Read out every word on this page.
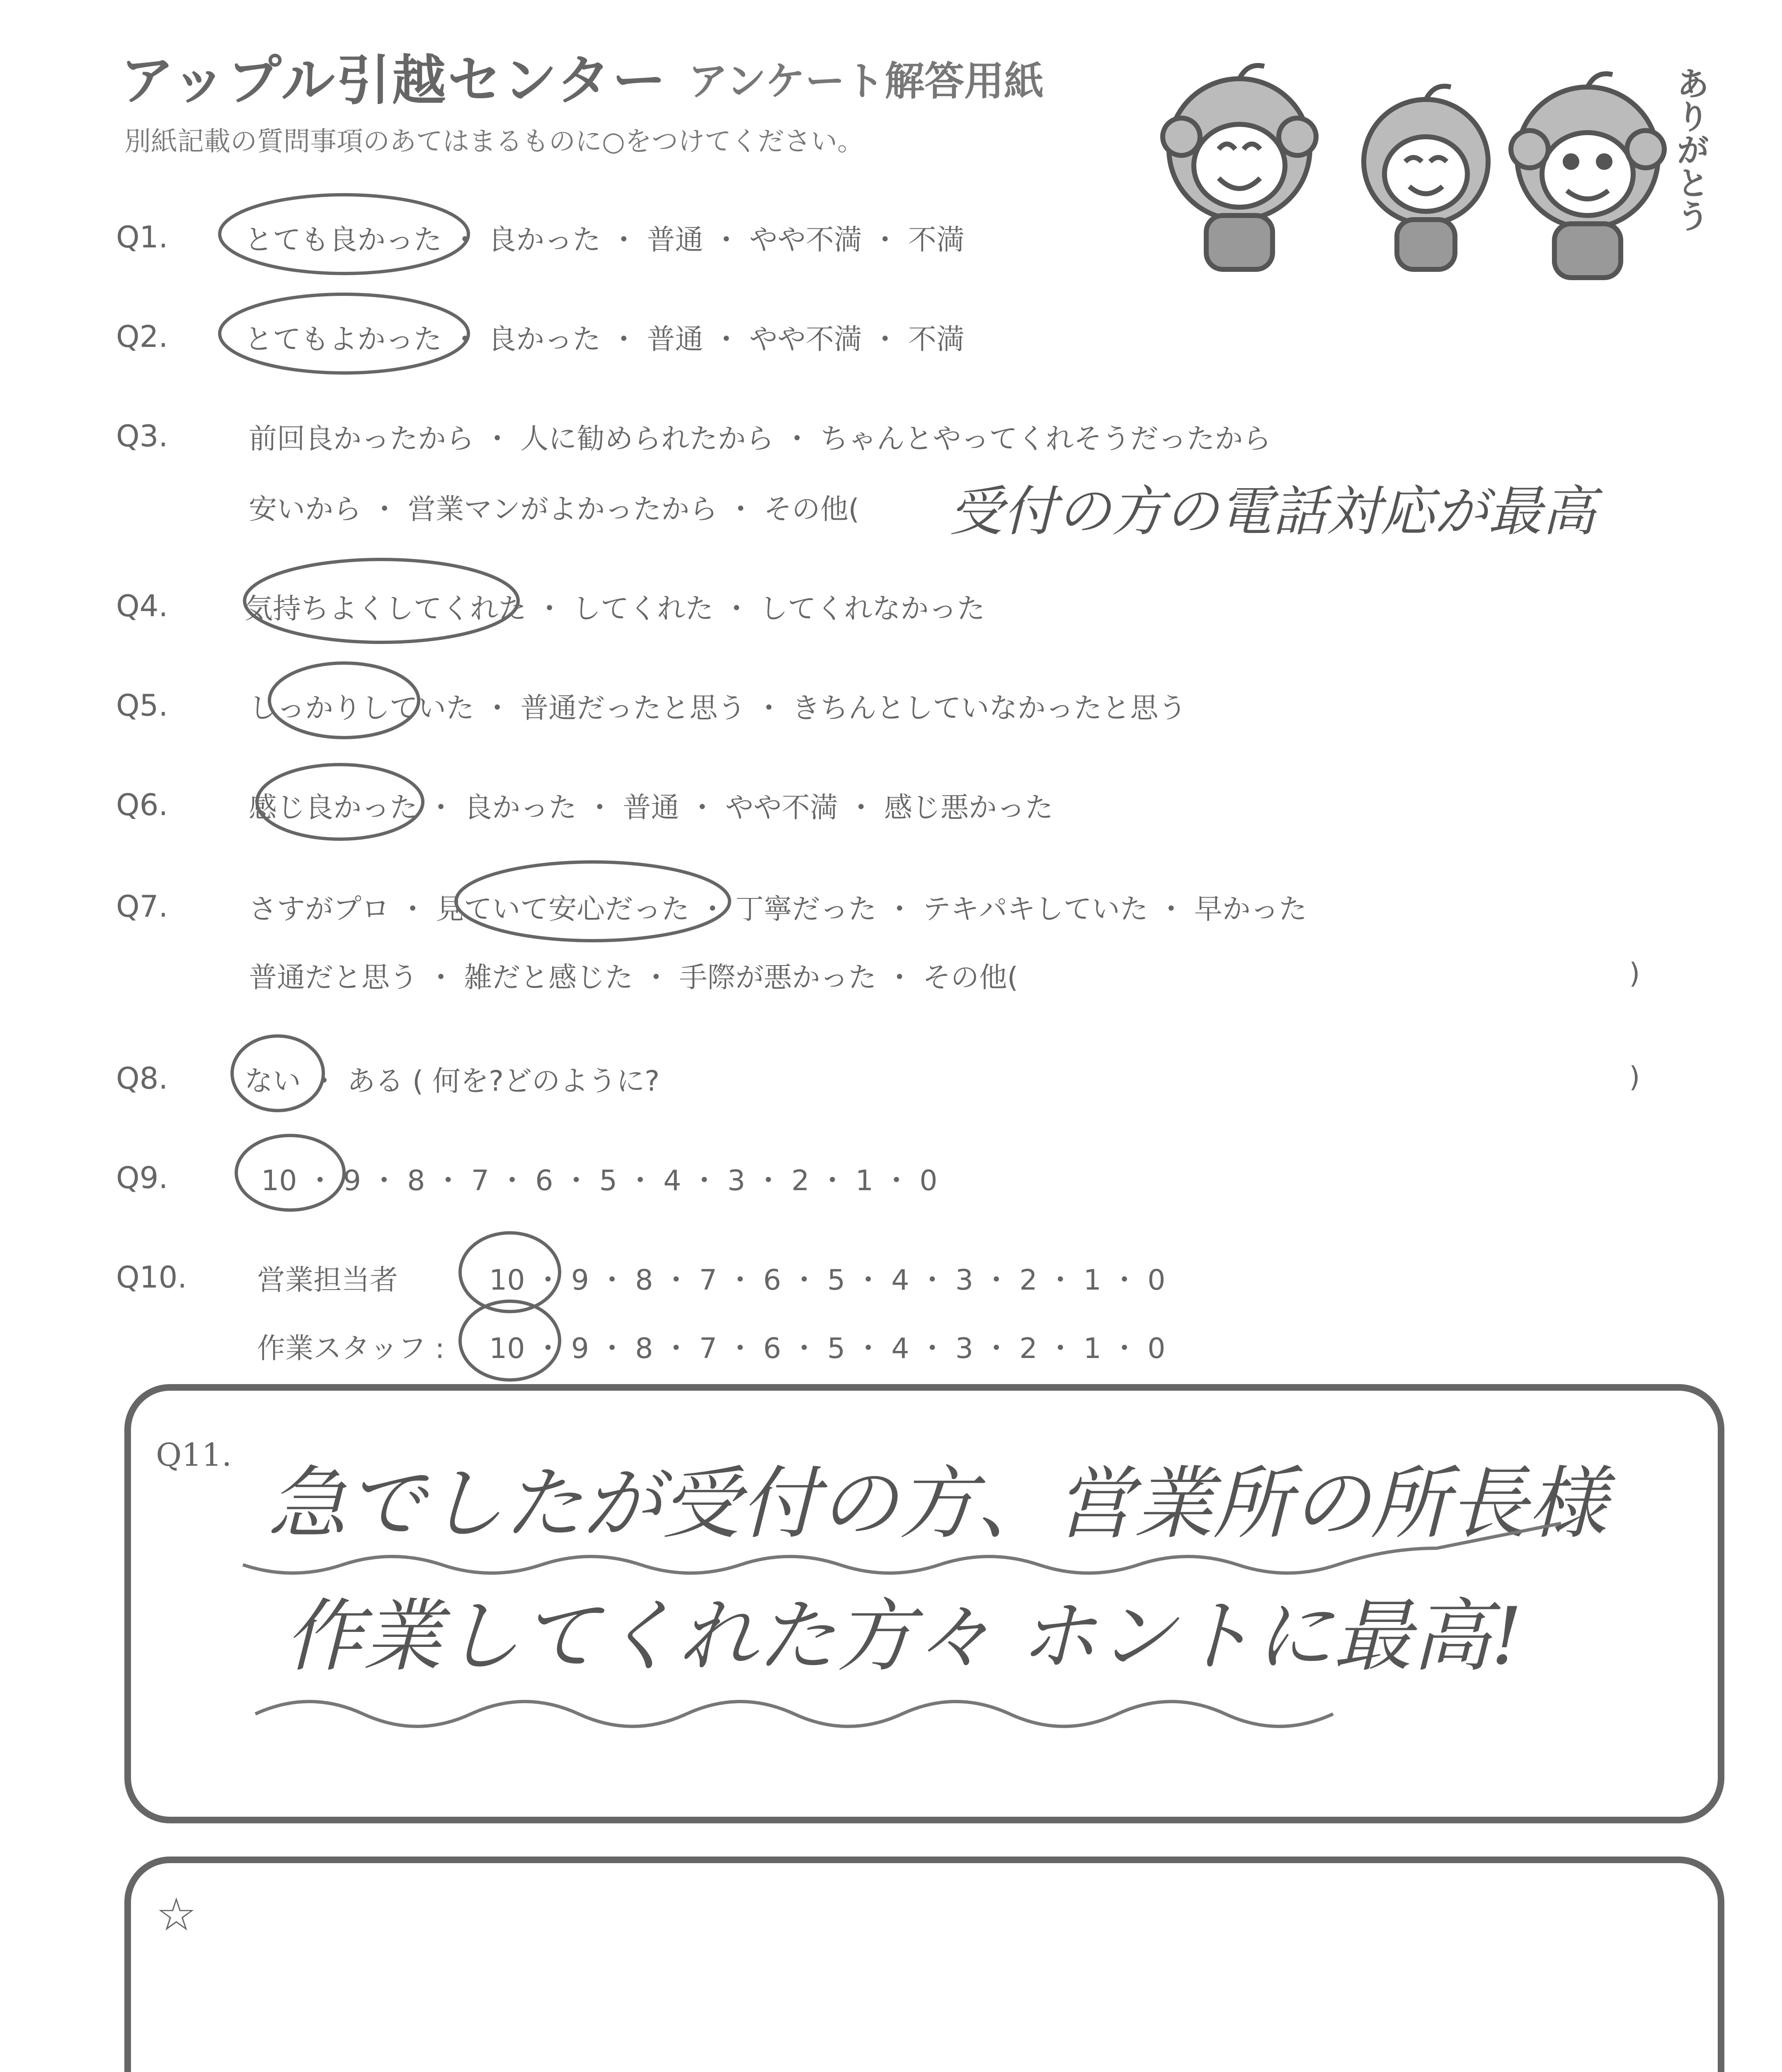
アップル引越センター アンケート解答用紙
別紙記載の質問事項のあてはまるものに○をつけてください。	ありがとう
Q1.	とても良かった ・ 良かった ・ 普通 ・ やや不満 ・ 不満
Q2.	とてもよかった ・ 良かった ・ 普通 ・ やや不満 ・ 不満
Q3.	前回良かったから ・ 人に勧められたから ・ ちゃんとやってくれそうだったから
安いから ・ 営業マンがよかったから ・ その他( 受付の方の電話対応が最高
Q4.	気持ちよくしてくれた ・ してくれた ・ してくれなかった
Q5.	しっかりしていた ・ 普通だったと思う ・ きちんとしていなかったと思う
Q6.	感じ良かった ・ 良かった ・ 普通 ・ やや不満 ・ 感じ悪かった
Q7.	さすがプロ ・ 見ていて安心だった ・ 丁寧だった ・ テキパキしていた ・ 早かった
普通だと思う ・ 雑だと感じた ・ 手際が悪かった ・ その他(	)
Q8.	ない ・ ある ( 何を?どのように?	)
Q9.	10 ・ 9 ・ 8 ・ 7 ・ 6 ・ 5 ・ 4 ・ 3 ・ 2 ・ 1 ・ 0
Q10. 営業担当者	10 ・ 9 ・ 8 ・ 7 ・ 6 ・ 5 ・ 4 ・ 3 ・ 2 ・ 1 ・ 0
作業スタッフ : 10 ・ 9 ・ 8 ・ 7 ・ 6 ・ 5 ・ 4 ・ 3 ・ 2 ・ 1 ・ 0
Q11.
急でしたが受付の方、営業所の所長様
作業してくれた方々 ホントに最高!
☆
